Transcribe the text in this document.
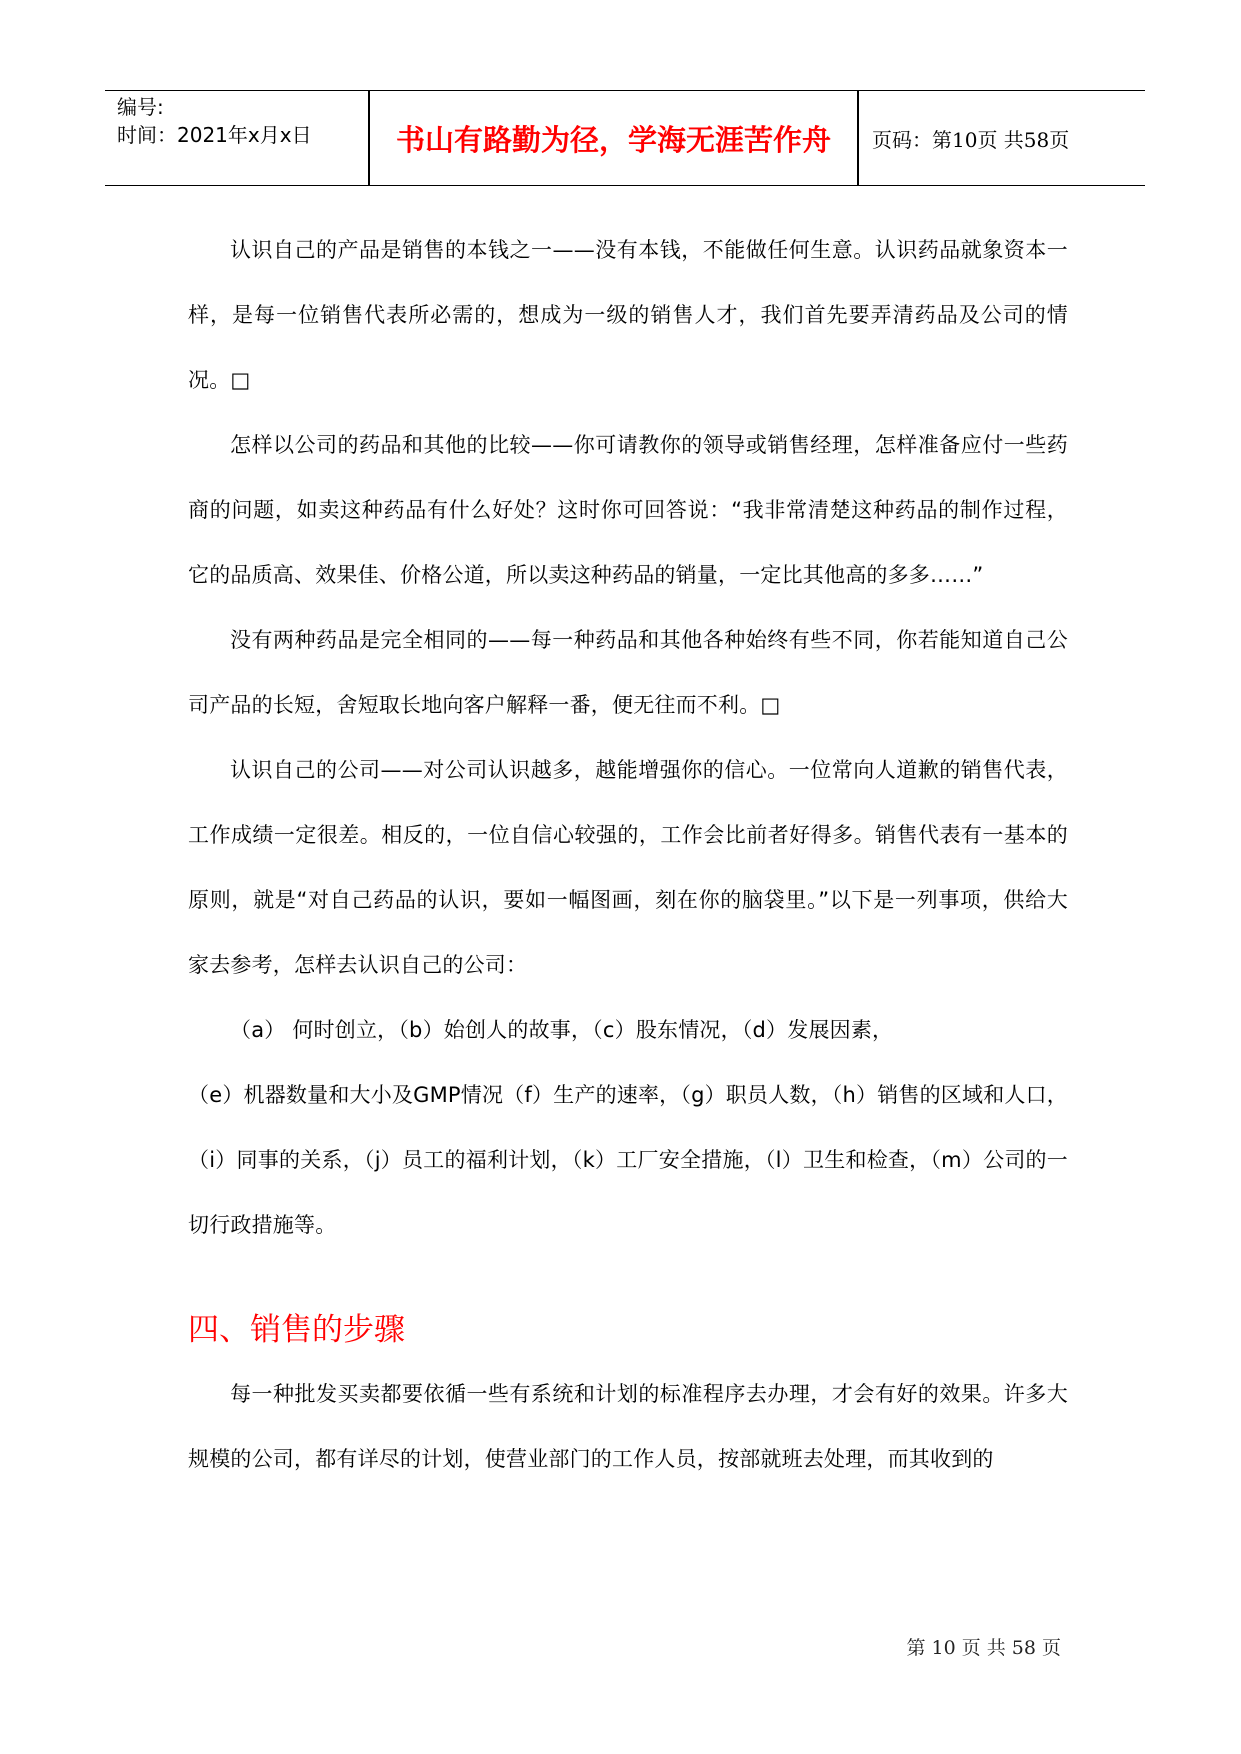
编号:
时间：2021年x月x日	书山有路勤为径，学海无涯苦作舟	页码：第10页 共58页

认识自己的产品是销售的本钱之一——没有本钱，不能做任何生意。认识药品就象资本一样，是每一位销售代表所必需的，想成为一级的销售人才，我们首先要弄清药品及公司的情况。□

怎样以公司的药品和其他的比较——你可请教你的领导或销售经理，怎样准备应付一些药商的问题，如卖这种药品有什么好处？这时你可回答说：“我非常清楚这种药品的制作过程，它的品质高、效果佳、价格公道，所以卖这种药品的销量，一定比其他高的多多……”

没有两种药品是完全相同的——每一种药品和其他各种始终有些不同，你若能知道自己公司产品的长短，舍短取长地向客户解释一番，便无往而不利。□

认识自己的公司——对公司认识越多，越能增强你的信心。一位常向人道歉的销售代表，工作成绩一定很差。相反的，一位自信心较强的，工作会比前者好得多。销售代表有一基本的原则，就是“对自己药品的认识，要如一幅图画，刻在你的脑袋里。”以下是一列事项，供给大家去参考，怎样去认识自己的公司：

（a） 何时创立，（b）始创人的故事，（c）股东情况，（d）发展因素，

（e）机器数量和大小及GMP情况（f）生产的速率，（g）职员人数，（h）销售的区域和人口，（i）同事的关系，（j）员工的福利计划，（k）工厂安全措施，（l）卫生和检查，（m）公司的一切行政措施等。

四、销售的步骤

每一种批发买卖都要依循一些有系统和计划的标准程序去办理，才会有好的效果。许多大规模的公司，都有详尽的计划，使营业部门的工作人员，按部就班去处理，而其收到的

第 10 页 共 58 页
